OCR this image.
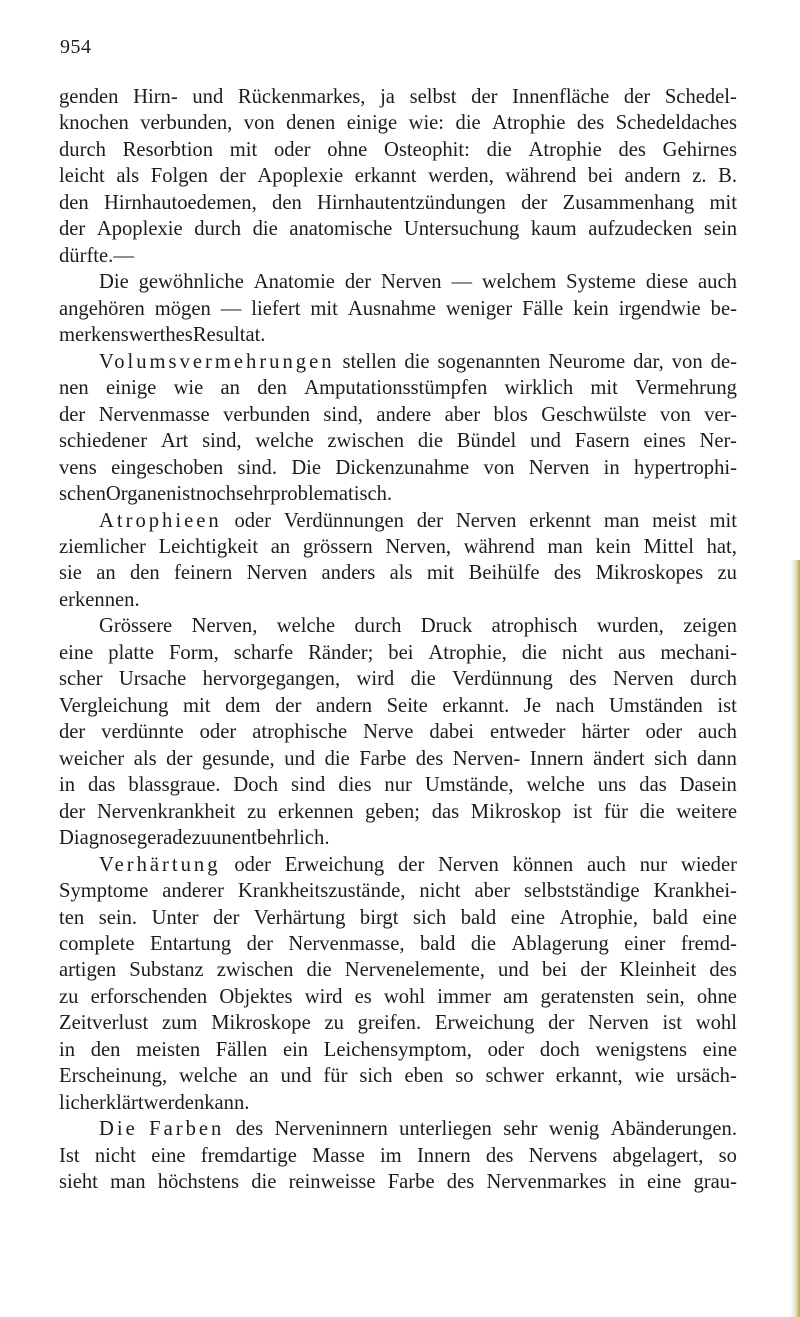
954
genden Hirn- und Rückenmarkes, ja selbst der Innenfläche der Schedel-
knochen verbunden, von denen einige wie: die Atrophie des Schedeldaches
durch Resorbtion mit oder ohne Osteophit: die Atrophie des Gehirnes
leicht als Folgen der Apoplexie erkannt werden, während bei andern z. B.
den Hirnhautoedemen, den Hirnhautentzündungen der Zusammenhang mit
der Apoplexie durch die anatomische Untersuchung kaum aufzudecken sein
dürfte. —
Die gewöhnliche Anatomie der Nerven — welchem Systeme diese auch
angehören mögen — liefert mit Ausnahme weniger Fälle kein irgendwie be-
merkenswerthes Resultat.
Volumsvermehrungen stellen die sogenannten Neurome dar, von de-
nen einige wie an den Amputationsstümpfen wirklich mit Vermehrung
der Nervenmasse verbunden sind, andere aber blos Geschwülste von ver-
schiedener Art sind, welche zwischen die Bündel und Fasern eines Ner-
vens eingeschoben sind. Die Dickenzunahme von Nerven in hypertrophi-
schen Organen ist noch sehr problematisch.
Atrophieen oder Verdünnungen der Nerven erkennt man meist mit
ziemlicher Leichtigkeit an grössern Nerven, während man kein Mittel hat,
sie an den feinern Nerven anders als mit Beihülfe des Mikroskopes zu
erkennen.
Grössere Nerven, welche durch Druck atrophisch wurden, zeigen
eine platte Form, scharfe Ränder; bei Atrophie, die nicht aus mechani-
scher Ursache hervorgegangen, wird die Verdünnung des Nerven durch
Vergleichung mit dem der andern Seite erkannt. Je nach Umständen ist
der verdünnte oder atrophische Nerve dabei entweder härter oder auch
weicher als der gesunde, und die Farbe des Nerven- Innern ändert sich dann
in das blassgraue. Doch sind dies nur Umstände, welche uns das Dasein
der Nervenkrankheit zu erkennen geben; das Mikroskop ist für die weitere
Diagnose geradezu unentbehrlich.
Verhärtung oder Erweichung der Nerven können auch nur wieder
Symptome anderer Krankheitszustände, nicht aber selbstständige Krankhei-
ten sein. Unter der Verhärtung birgt sich bald eine Atrophie, bald eine
complete Entartung der Nervenmasse, bald die Ablagerung einer fremd-
artigen Substanz zwischen die Nervenelemente, und bei der Kleinheit des
zu erforschenden Objektes wird es wohl immer am geratensten sein, ohne
Zeitverlust zum Mikroskope zu greifen. Erweichung der Nerven ist wohl
in den meisten Fällen ein Leichensymptom, oder doch wenigstens eine
Erscheinung, welche an und für sich eben so schwer erkannt, wie ursäch-
lich erklärt werden kann.
Die Farben des Nerveninnern unterliegen sehr wenig Abänderungen.
Ist nicht eine fremdartige Masse im Innern des Nervens abgelagert, so
sieht man höchstens die reinweisse Farbe des Nervenmarkes in eine grau-
